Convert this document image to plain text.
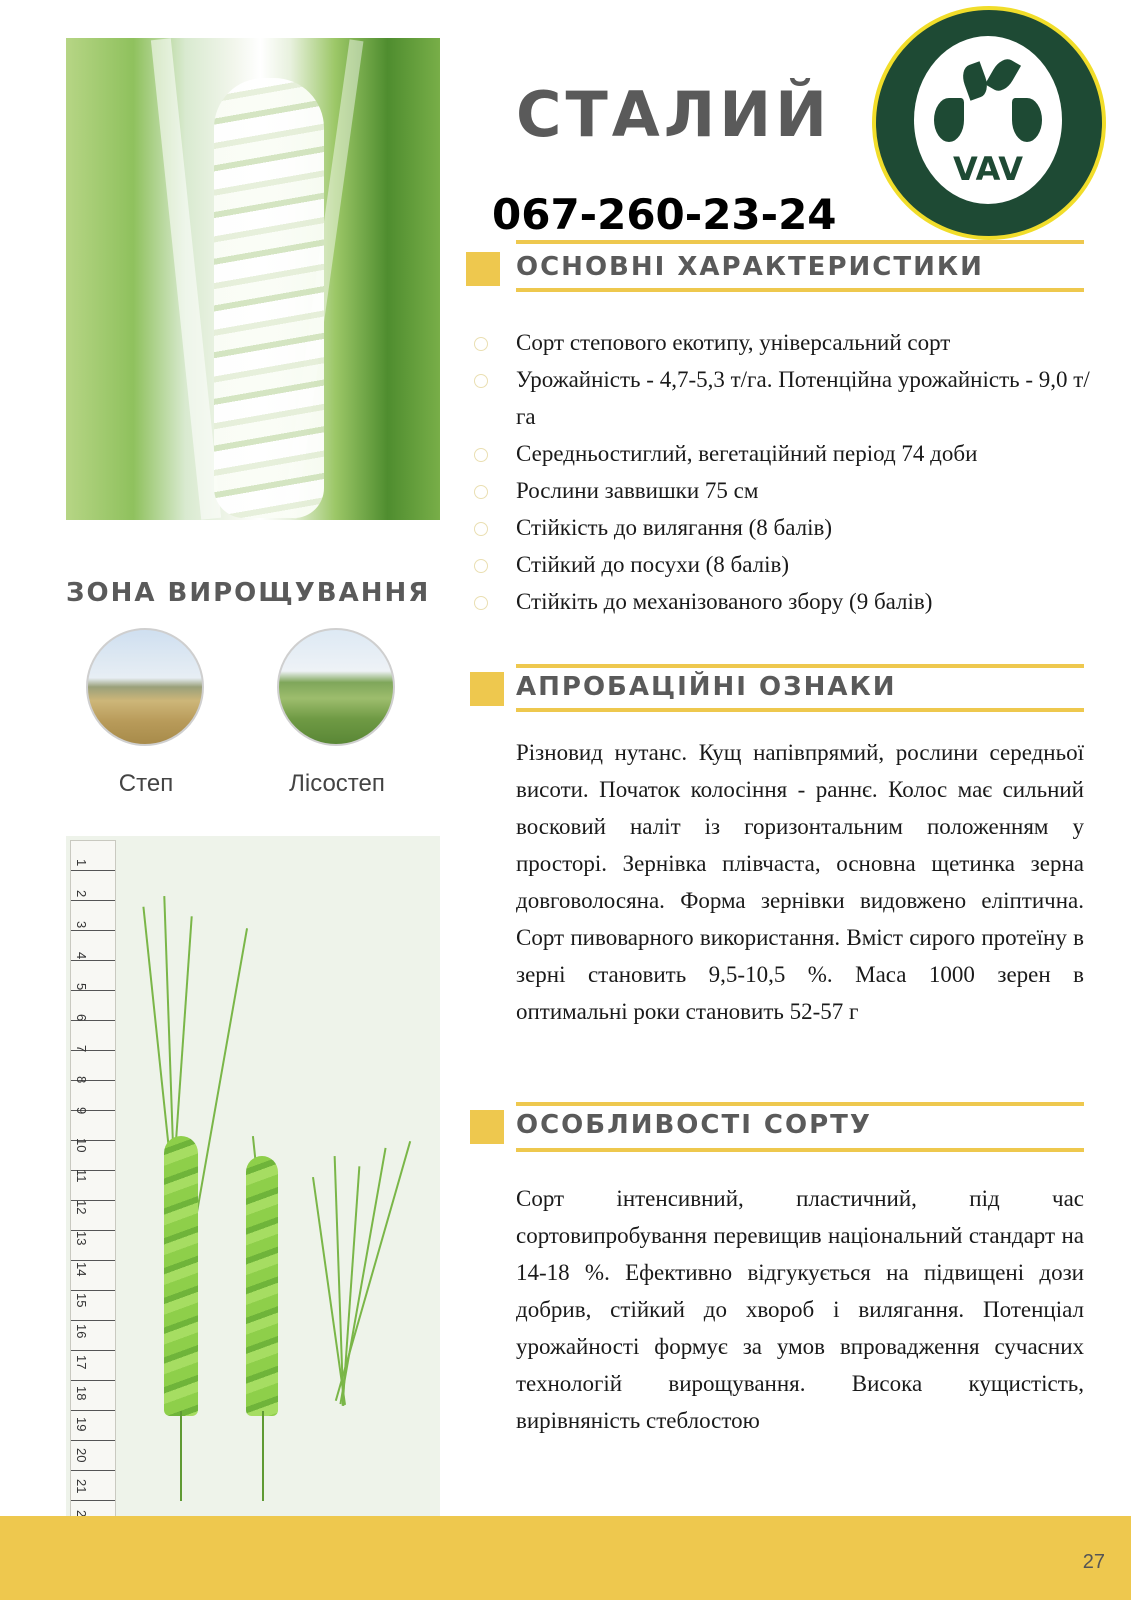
ЗОНА ВИРОЩУВАННЯ
Степ	Лісостеп
1
2
3
4
5
6
7
8
9
10
11
12
13
14
15
16
17
18
19
20
21
СТАЛИЙ
067-260-23-24
VAV
ОСНОВНІ ХАРАКТЕРИСТИКИ
Сорт степового екотипу, універсальний сорт
Урожайність - 4,7-5,3 т/га. Потенційна урожайність - 9,0 т/га
Середньостиглий, вегетаційний період 74 доби
Рослини заввишки 75 см
Стійкість до вилягання (8 балів)
Стійкий до посухи (8 балів)
Стійкіть до механізованого збору (9 балів)
АПРОБАЦІЙНІ ОЗНАКИ

Різновид нутанс. Кущ напівпрямий, рослини середньої висоти. Початок колосіння - раннє. Колос має сильний восковий наліт із горизонтальним положенням у просторі. Зернівка плівчаста, основна щетинка зерна довговолосяна. Форма зернівки видовжено еліптична. Сорт пивоварного використання. Вміст сирого протеїну в зерні становить 9,5-10,5 %. Маса 1000 зерен в оптимальні роки становить 52-57 г

ОСОБЛИВОСТІ СОРТУ

Сорт інтенсивний, пластичний, під час сортовипробування перевищив національний стандарт на 14-18 %. Ефективно відгукується на підвищені дози добрив, стійкий до хвороб і вилягання. Потенціал урожайності формує за умов впровадження сучасних технологій вирощування. Висока кущистість, вирівняність стеблостою

27
